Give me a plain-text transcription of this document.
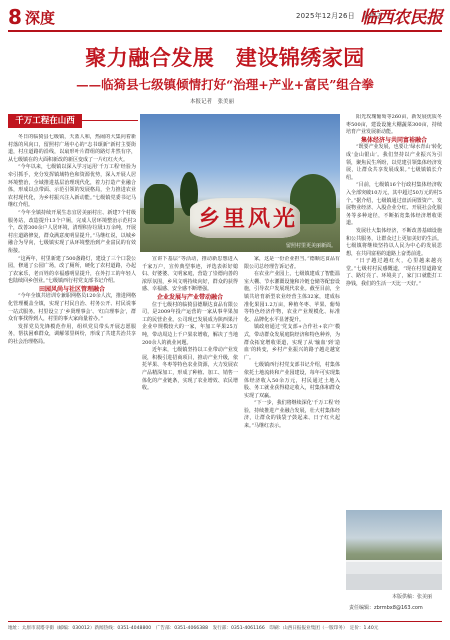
8 深度	2025年12月26日　星期五
临西农民报
聚力融合发展　建设锦绣家园
——临猗县七级镇倾情打好“治理+产业+富民”组合拳
本报记者　张美丽
千万工程在山西

冬日的临猗县七级镇，天蓝人和，热闹的大集向着新村落的风向口，留照村广场中心的“志书颂新”新村主要街道，村庄道路的沿线，以扇形叶片群组的路灯井然有序，从七级镇在的大面积新改的新区变成了一片红红火火。

“今年以来，七级镇以深入学习运用‘千万工程’经验为牵引抓手，充分发挥镇域特色和资源优势，深入开展人居环境整治，全域推进基层治理现代化，着力打造产业融合体，形成以点带面、示范引领的发展格局，全力推进农业农村现代化，为乡村振兴注入新动能。”七级镇党委书记马继红介绍。

“今年全镇持续开展生态宜居美丽村庄、新建7个村级服务站，改造提升13个户厕，完成人居环境整治示范村3个，改善300余户人居环境，清理积存垃圾1万余吨，开展村庄道路修复，群众满意度明显提升。”马继红说，以城乡融合为导向，七级镇实现了从环境整治到产业富民的有效衔接。

“这两年，村里新建了500盏路灯，建设了三个口袋公园，修通了公园广场，改了厕所，硬化了农村道路，办起了农家乐，老百姓的幸福感明显提升，在外打工的年轻人也陆续回乡创业。”七级镇西行村党支部书记介绍。

田园风尚与社区管理融合

“今年全镇共培训专兼职网格员120余人次，推进网格化管理覆盖全镇，实现了村民自治、村务公开、村民说事一站式服务。村里设立了‘乡贤理事会’、‘红白理事会’，群众有事找得到人，村里的事大家商量着办。”

发挥党员先锋模范作用，组织党员带头开展志愿服务，帮扶困难群众，调解邻里纠纷，形成了共建共治共享的社会治理格局。

乡里风光
留照村里更美丽新面。

宣讲下基层”等活动，推动新思想进入千家万户，宣传典型事迹，评选表彰好媳妇、好婆婆、文明家庭，营造了崇德向善的浓厚氛围，乡风文明持续向好，群众的获得感、幸福感、安全感不断增强。

企业发展与产业带动融合

位于七级村的临猗县德顺达食品有限公司，是2009年投产运营的一家从事苹果加工的民营企业。公司现已发展成为陕西果汁企业中规模较大的一家，年加工苹果25万吨，带动周边上千户果农增收，解决了当地200余人的就业问题。

近年来，七级镇坚持以工业带动产业发展，积极引进招商项目，推动产业升级，依托苹果、冬枣等特色农业资源，大力发展农产品精深加工，形成了种植、加工、销售一体化的产业链条，实现了农业增效、农民增收。

家，这是一份企业担当。”德顺达食品有限公司总经理告诉记者。

在农业产业园上，七级镇建成了智能温室大棚、节水灌溉设施和冷链仓储等配套设施，引导农户发展现代农业。截至目前，全镇共培育新型农业经营主体32家，建成标准化果园1.2万亩，种植冬枣、苹果、葡萄等特色经济作物，农业产业规模化、标准化、品牌化水平显著提升。

镇政府通过‘党支部+合作社+农户’模式，带动群众发展庭院经济和特色种养，为群众拓宽增收渠道，实现了从‘输血’到‘造血’的转变，乡村产业振兴的路子越走越宽广。

七级镇西行村党支部书记介绍，村集体依托土地流转和产业园建设，每年可实现集体经济收入50余万元，村民通过土地入股、务工就业获得稳定收入，村集体和群众实现了双赢。

“下一步，我们将继续深化‘千万工程’经验，持续推进产业融合发展，壮大村集体经济，让群众的钱袋子鼓起来、日子红火起来。”马继红表示。

阳光玫瑰葡萄等260亩，新发展优质冬枣500亩，建设设施大棚蔬菜300亩，持续培育产业发展新动能。

集体经济与共同富裕融合

“既要产业发展，也要让‘绿水青山’转化成‘金山银山’。我们坚持以产业振兴为引领，聚焦民生所盼，以党建引领集体经济发展，让群众共享发展成果。”七级镇镇长介绍。

“目前，七级镇16个行政村集体经济收入全部突破10万元，其中超过50万元的村5个。”据介绍，七级镇通过盘活闲置资产、发展物业经济、入股企业分红、开展社会化服务等多种途径，不断拓宽集体经济增收渠道。

发展壮大集体经济，不断改善基础设施和公共服务，让群众过上更加美好的生活。七级镇将继续坚持以人民为中心的发展思想，在共同富裕的道路上奋勇前进。

“日子越过越红火，心里越来越亮堂。”七级村村民感慨道，“现在村里道路宽了、路灯亮了、环境美了，家门口就能打工挣钱，我们的生活一天比一天好。”

本版供稿：张美丽
责任编辑：zbrmbx8@163.com
地址：太原市双塔寺街（邮编：030012）新闻热线：0351-4048800　广告部：0351-4066388　发行部：0351-4061166　印刷：山西日报报业集团（一版印务）　定价：1.40元
